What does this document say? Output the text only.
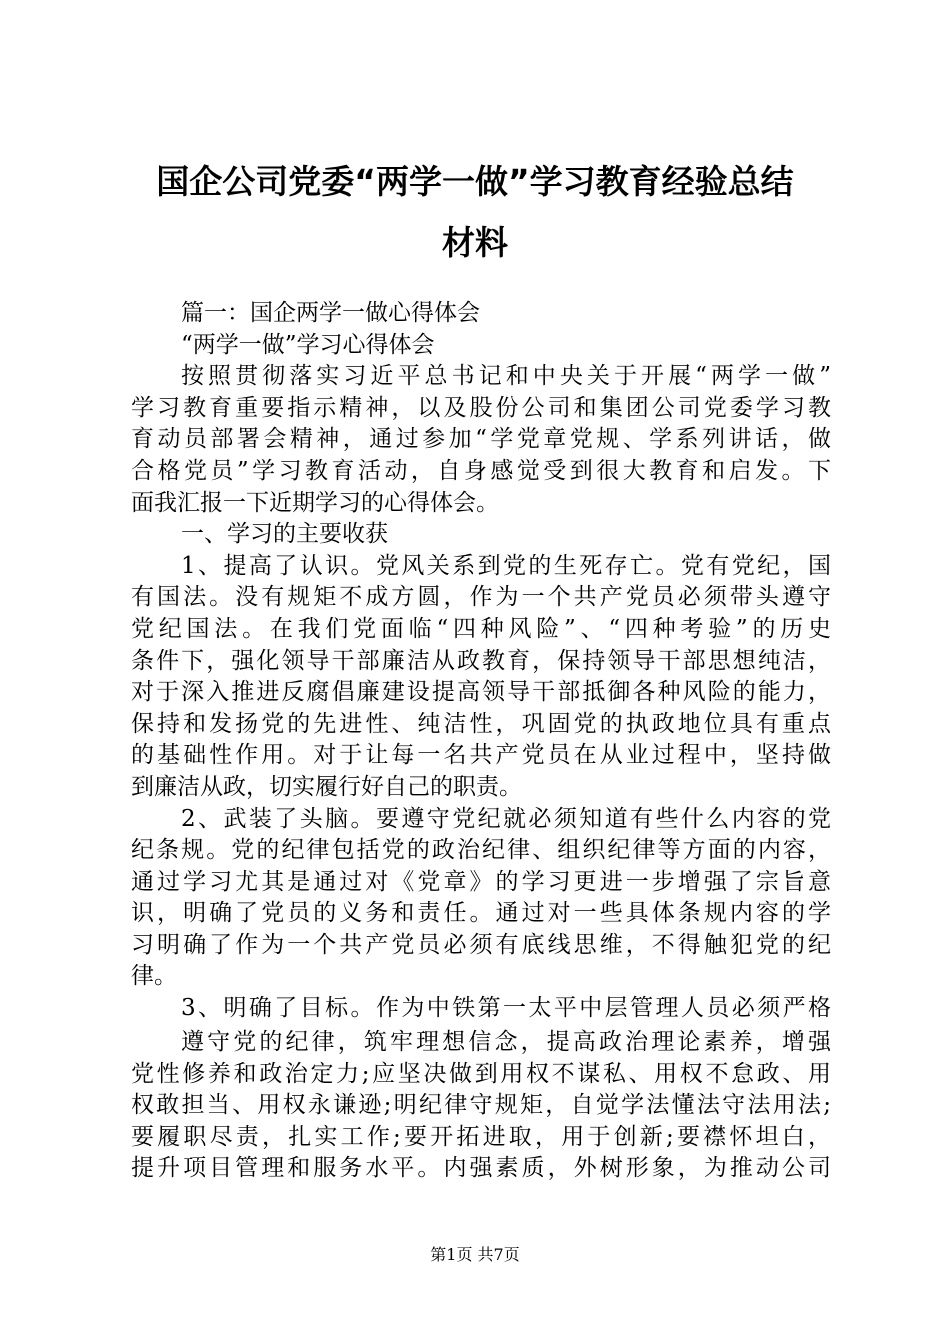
国企公司党委“两学一做”学习教育经验总结
材料
篇一：国企两学一做心得体会
“两学一做”学习心得体会
按照贯彻落实习近平总书记和中央关于开展“两学一做”
学习教育重要指示精神，以及股份公司和集团公司党委学习教
育动员部署会精神，通过参加“学党章党规、学系列讲话，做
合格党员”学习教育活动，自身感觉受到很大教育和启发。下
面我汇报一下近期学习的心得体会。
一、学习的主要收获
1、提高了认识。党风关系到党的生死存亡。党有党纪，国
有国法。没有规矩不成方圆，作为一个共产党员必须带头遵守
党纪国法。在我们党面临“四种风险”、“四种考验”的历史
条件下，强化领导干部廉洁从政教育，保持领导干部思想纯洁，
对于深入推进反腐倡廉建设提高领导干部抵御各种风险的能力，
保持和发扬党的先进性、纯洁性，巩固党的执政地位具有重点
的基础性作用。对于让每一名共产党员在从业过程中，坚持做
到廉洁从政，切实履行好自己的职责。
2、武装了头脑。要遵守党纪就必须知道有些什么内容的党
纪条规。党的纪律包括党的政治纪律、组织纪律等方面的内容，
通过学习尤其是通过对《党章》的学习更进一步增强了宗旨意
识，明确了党员的义务和责任。通过对一些具体条规内容的学
习明确了作为一个共产党员必须有底线思维，不得触犯党的纪
律。
3、明确了目标。作为中铁第一太平中层管理人员必须严格
遵守党的纪律，筑牢理想信念，提高政治理论素养，增强
党性修养和政治定力;应坚决做到用权不谋私、用权不怠政、用
权敢担当、用权永谦逊;明纪律守规矩，自觉学法懂法守法用法;
要履职尽责，扎实工作;要开拓进取，用于创新;要襟怀坦白，
提升项目管理和服务水平。内强素质，外树形象，为推动公司
第1页 共7页
